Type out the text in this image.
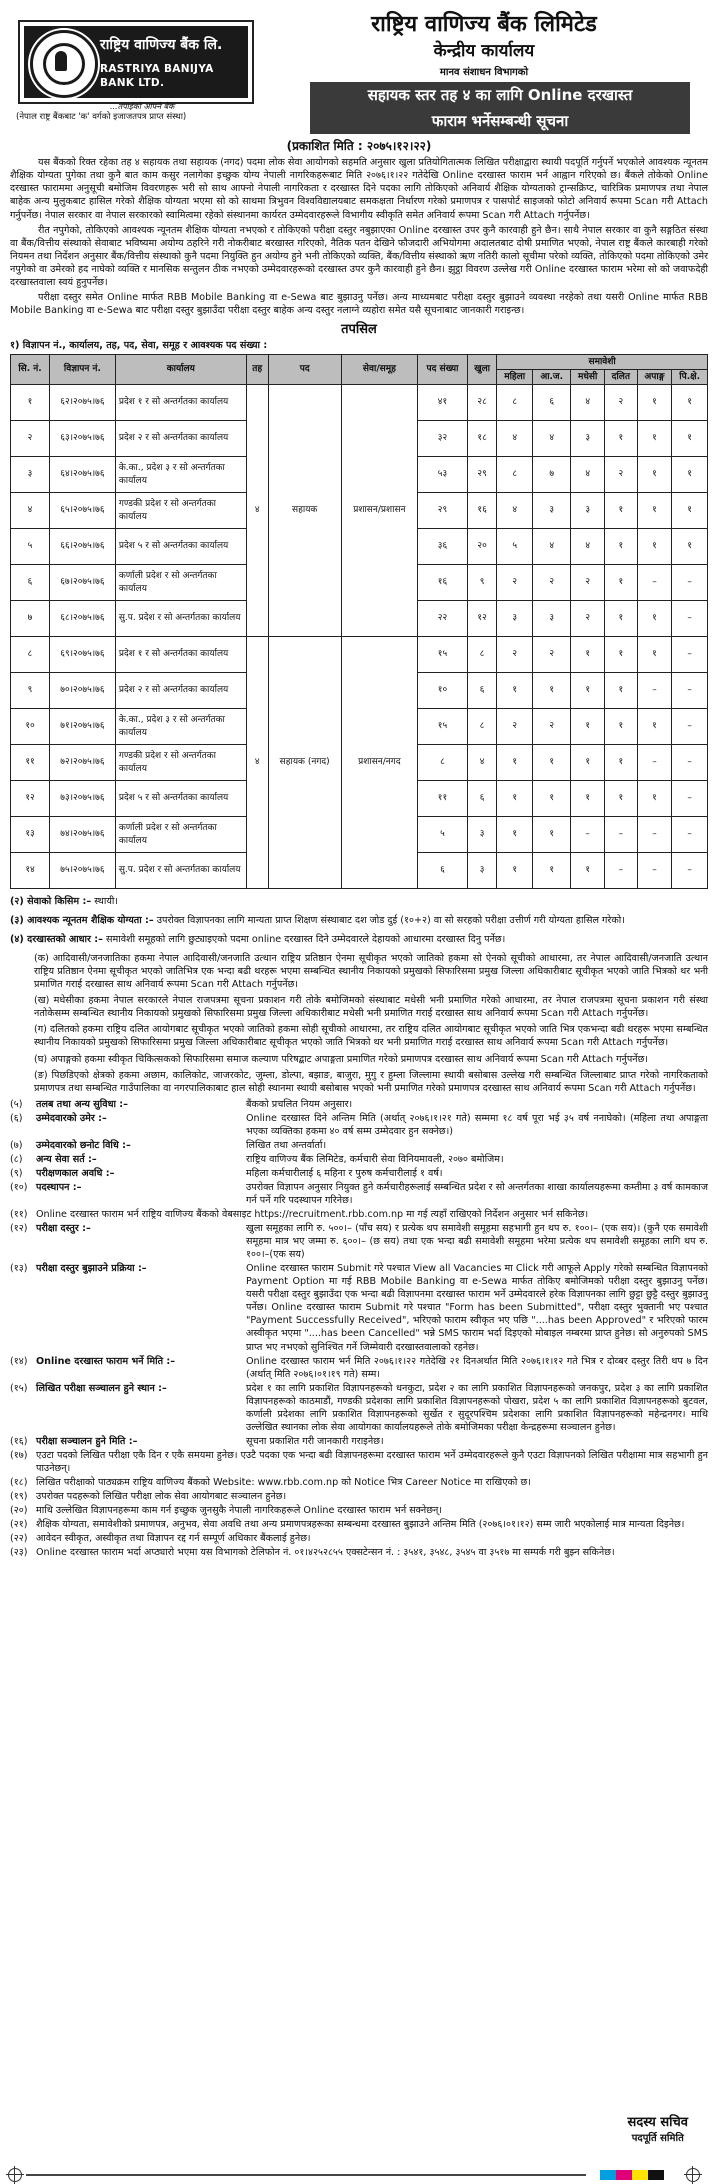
राष्ट्रिय वाणिज्य बैंक लि.
RASTRIYA BANIJYA BANK LTD.
...तपाईंको आफ्नै बैंक
(नेपाल राष्ट्र बैंकबाट 'क' वर्गको इजाजतपत्र प्राप्त संस्था)
राष्ट्रिय वाणिज्य बैंक लिमिटेड
केन्द्रीय कार्यालय
मानव संशाधन विभागको
सहायक स्तर तह ४ का लागि Online दरखास्त
फाराम भर्नेसम्बन्धी सूचना
(प्रकाशित मिति : २०७५।१२।२२)

यस बैंकको रिक्त रहेका तह ४ सहायक तथा सहायक (नगद) पदमा लोक सेवा आयोगको सहमति अनुसार खुला प्रतियोगितात्मक लिखित परीक्षाद्वारा स्थायी पदपूर्ति गर्नुपर्ने भएकोले आवश्यक न्यूनतम शैक्षिक योग्यता पुगेका तथा कुनै बात काम कसुर नलागेका इच्छुक योग्य नेपाली नागरिकहरूबाट मिति २०७६।१।२२ गतेदेखि Online दरखास्त फाराम भर्न आह्वान गरिएको छ। बैंकले तोकेको Online दरखास्त फाराममा अनुसूची बमोजिम विवरणहरू भरी सो साथ आफ्नो नेपाली नागरिकता र दरखास्त दिने पदका लागि तोकिएको अनिवार्य शैक्षिक योग्यताको ट्रान्सक्रिप्ट, चारित्रिक प्रमाणपत्र तथा नेपाल बाहेक अन्य मुलुकबाट हासिल गरेको शैक्षिक योग्यता भएमा सो को साथमा त्रिभुवन विश्वविद्यालयबाट समकक्षता निर्धारण गरेको प्रमाणपत्र र पासपोर्ट साइजको फोटो अनिवार्य रूपमा Scan गरी Attach गर्नुपर्नेछ। नेपाल सरकार वा नेपाल सरकारको स्वामित्वमा रहेको संस्थानमा कार्यरत उम्मेदवारहरूले विभागीय स्वीकृति समेत अनिवार्य रूपमा Scan गरी Attach गर्नुपर्नेछ।

रीत नपुगेको, तोकिएको आवश्यक न्यूनतम शैक्षिक योग्यता नभएको र तोकिएको परीक्षा दस्तुर नबुझाएका Online दरखास्त उपर कुनै कारवाही हुने छैन। साथै नेपाल सरकार वा कुनै सङ्गठित संस्था वा बैंक/वित्तीय संस्थाको सेवाबाट भविष्यमा अयोग्य ठहरिने गरी नोकरीबाट बरखास्त गरिएको, नैतिक पतन देखिने फौजदारी अभियोगमा अदालतबाट दोषी प्रमाणित भएको, नेपाल राष्ट्र बैंकले कारबाही गरेको नियमन तथा निर्देशन अनुसार बैंक/वित्तीय संस्थाको कुनै पदमा नियुक्ति हुन अयोग्य हुने भनी तोकिएको व्यक्ति, बैंक/वित्तीय संस्थाको ऋण नतिरी कालो सूचीमा परेको व्यक्ति, तोकिएको पदमा तोकिएको उमेर नपुगेको वा उमेरको हद नाघेको व्यक्ति र मानसिक सन्तुलन ठीक नभएको उम्मेदवारहरूको दरखास्त उपर कुनै कारवाही हुने छैन। झुट्ठा विवरण उल्लेख गरी Online दरखास्त फाराम भरेमा सो को जवाफदेही दरखास्तवाला स्वयं हुनुपर्नेछ।

परीक्षा दस्तुर समेत Online मार्फत RBB Mobile Banking वा e-Sewa बाट बुझाउनु पर्नेछ। अन्य माध्यमबाट परीक्षा दस्तुर बुझाउने व्यवस्था नरहेको तथा यसरी Online मार्फत RBB Mobile Banking वा e-Sewa बाट परीक्षा दस्तुर बुझाउँदा परीक्षा दस्तुर बाहेक अन्य दस्तुर नलाग्ने व्यहोरा समेत यसै सूचनाबाट जानकारी गराइन्छ।

तपसिल
१) विज्ञापन नं., कार्यालय, तह, पद, सेवा, समूह र आवश्यक पद संख्या :
सि. नं.	विज्ञापन नं.	कार्यालय	तह	पद	सेवा/समूह	पद संख्या	खुला	समावेशी					
								महिला	आ.ज.	मधेसी	दलित	अपाङ्ग	पि.क्षे.
१	६२।२०७५।७६	प्रदेश १ र सो अन्तर्गतका कार्यालय	४	सहायक	प्रशासन/प्रशासन	४१	२८	८	६	४	२	१	१
२	६३।२०७५।७६	प्रदेश २ र सो अन्तर्गतका कार्यालय				३२	१८	४	४	३	१	१	१
३	६४।२०७५।७६	के.का., प्रदेश ३ र सो अन्तर्गतका कार्यालय				५३	२९	८	७	४	२	१	१
४	६५।२०७५।७६	गण्डकी प्रदेश र सो अन्तर्गतका कार्यालय				२९	१६	४	३	३	१	१	१
५	६६।२०७५।७६	प्रदेश ५ र सो अन्तर्गतका कार्यालय				३६	२०	५	४	४	१	१	१
६	६७।२०७५।७६	कर्णाली प्रदेश र सो अन्तर्गतका कार्यालय				१६	९	२	२	२	१	–	–
७	६८।२०७५।७६	सु.प. प्रदेश र सो अन्तर्गतका कार्यालय				२२	१२	३	३	२	१	१	–
८	६९।२०७५।७६	प्रदेश १ र सो अन्तर्गतका कार्यालय	४	सहायक (नगद)	प्रशासन/नगद	१५	८	२	२	१	१	१	–
९	७०।२०७५।७६	प्रदेश २ र सो अन्तर्गतका कार्यालय				१०	६	१	१	१	१	–	–
१०	७१।२०७५।७६	के.का., प्रदेश ३ र सो अन्तर्गतका कार्यालय				१५	८	२	२	१	१	१	–
११	७२।२०७५।७६	गण्डकी प्रदेश र सो अन्तर्गतका कार्यालय				८	४	१	१	१	१	–	–
१२	७३।२०७५।७६	प्रदेश ५ र सो अन्तर्गतका कार्यालय				११	६	१	१	१	१	१	–
१३	७४।२०७५।७६	कर्णाली प्रदेश र सो अन्तर्गतका कार्यालय				५	३	१	१	–	–	–	–
१४	७५।२०७५।७६	सु.प. प्रदेश र सो अन्तर्गतका कार्यालय				६	३	१	१	१	–	–	–
(२) सेवाको किसिम :– स्थायी।
(३) आवश्यक न्यूनतम शैक्षिक योग्यता :– उपरोक्त विज्ञापनका लागि मान्यता प्राप्त शिक्षण संस्थाबाट दश जोड दुई (१०+२) वा सो सरहको परीक्षा उत्तीर्ण गरी योग्यता हासिल गरेको।
(४) दरखास्तको आधार :– समावेशी समूहको लागि छुट्याइएको पदमा online दरखास्त दिने उम्मेदवारले देहायको आधारमा दरखास्त दिनु पर्नेछ।
(क) आदिवासी/जनजातिका हकमा नेपाल आदिवासी/जनजाति उत्थान राष्ट्रिय प्रतिष्ठान ऐनमा सूचीकृत भएको जातिको हकमा सो ऐनको सूचीको आधारमा, तर नेपाल आदिवासी/जनजाति उत्थान राष्ट्रिय प्रतिष्ठान ऐनमा सूचीकृत भएको जातिभित्र एक भन्दा बढी थरहरू भएमा सम्बन्धित स्थानीय निकायको प्रमुखको सिफारिसमा प्रमुख जिल्ला अधिकारीबाट सूचीकृत भएको जाति भित्रको थर भनी प्रमाणित गराई दरखास्त साथ अनिवार्य रूपमा Scan गरी Attach गर्नुपर्नेछ।
(ख) मधेसीका हकमा नेपाल सरकारले नेपाल राजपत्रमा सूचना प्रकाशन गरी तोके बमोजिमको संस्थाबाट मधेसी भनी प्रमाणित गरेको आधारमा, तर नेपाल राजपत्रमा सूचना प्रकाशन गरी संस्था नतोकेसम्म सम्बन्धित स्थानीय निकायको प्रमुखको सिफारिसमा प्रमुख जिल्ला अधिकारीबाट मधेसी भनी प्रमाणित गराई दरखास्त साथ अनिवार्य रूपमा Scan गरी Attach गर्नुपर्नेछ।
(ग) दलितको हकमा राष्ट्रिय दलित आयोगबाट सूचीकृत भएको जातिको हकमा सोही सूचीको आधारमा, तर राष्ट्रिय दलित आयोगबाट सूचीकृत भएको जाति भित्र एकभन्दा बढी थरहरू भएमा सम्बन्धित स्थानीय निकायको प्रमुखको सिफारिसमा प्रमुख जिल्ला अधिकारीबाट सूचीकृत भएको जाति भित्रको थर भनी प्रमाणित गराई दरखास्त साथ अनिवार्य रूपमा Scan गरी Attach गर्नुपर्नेछ।
(घ) अपाङ्गको हकमा स्वीकृत चिकित्सकको सिफारिसमा समाज कल्याण परिषद्बाट अपाङ्गता प्रमाणित गरेको प्रमाणपत्र दरखास्त साथ अनिवार्य रूपमा Scan गरी Attach गर्नुपर्नेछ।
(ङ) पिछडिएको क्षेत्रको हकमा अछाम, कालिकोट, जाजरकोट, जुम्ला, डोल्पा, बझाङ, बाजुरा, मुगु र हुम्ला जिल्लामा स्थायी बसोबास उल्लेख गरी सम्बन्धित जिल्लाबाट प्राप्त गरेको नागरिकताको प्रमाणपत्र तथा सम्बन्धित गाउँपालिका वा नगरपालिकाबाट हाल सोही स्थानमा स्थायी बसोबास भएको भनी प्रमाणित गरेको प्रमाणपत्र दरखास्त साथ अनिवार्य रूपमा Scan गरी Attach गर्नुपर्नेछ।
(५)	तलब तथा अन्य सुविधा :–	बैंकको प्रचलित नियम अनुसार।
(६)	उम्मेदवारको उमेर :–	Online दरखास्त दिने अन्तिम मिति (अर्थात् २०७६।१।२१ गते) सम्ममा १८ वर्ष पूरा भई ३५ वर्ष ननाघेको। (महिला तथा अपाङ्गता भएका व्यक्तिका हकमा ४० वर्ष सम्म उम्मेदवार हुन सक्नेछ।)
(७)	उम्मेदवारको छनोट विधि :–	लिखित तथा अन्तर्वार्ता।
(८)	अन्य सेवा सर्त :–	राष्ट्रिय वाणिज्य बैंक लिमिटेड, कर्मचारी सेवा विनियमावली, २०७० बमोजिम।
(९)	परीक्षणकाल अवधि :–	महिला कर्मचारीलाई ६ महिना र पुरुष कर्मचारीलाई १ वर्ष।
(१०) पदस्थापन :–	उपरोक्त विज्ञापन अनुसार नियुक्त हुने कर्मचारीहरूलाई सम्बन्धित प्रदेश र सो अन्तर्गतका शाखा कार्यालयहरूमा कम्तीमा ३ वर्ष कामकाज गर्न पर्ने गरि पदस्थापन गरिनेछ।
(११) Online दरखास्त फाराम भर्न राष्ट्रिय वाणिज्य बैंकको वेबसाइट https://recruitment.rbb.com.np मा गई त्यहाँ राखिएको निर्देशन अनुसार भर्न सकिनेछ।
(१२) परीक्षा दस्तुर :–	खुला समूहका लागि रु. ५००।– (पाँच सय) र प्रत्येक थप समावेशी समूहमा सहभागी हुन थप रु. १००।– (एक सय)। (कुनै एक समावेशी समूहमा मात्र भए जम्मा रु. ६००।– (छ सय) तथा एक भन्दा बढी समावेशी समूहमा भरेमा प्रत्येक थप समावेशी समूहका लागि थप रु. १००।–(एक सय)
(१३) परीक्षा दस्तुर बुझाउने प्रक्रिया :–	Online दरखास्त फाराम Submit गरे पश्चात View all Vacancies मा Click गरी आफूले Apply गरेको सम्बन्धित विज्ञापनको Payment Option मा गई RBB Mobile Banking वा e-Sewa मार्फत तोकिए बमोजिमको परीक्षा दस्तुर बुझाउनु पर्नेछ। यसरी परीक्षा दस्तुर बुझाउँदा एक भन्दा बढी विज्ञापनमा दरखास्त फाराम भर्ने उम्मेदवारले हरेक विज्ञापनका लागि छुट्टा छुट्टै दस्तुर बुझाउनु पर्नेछ। Online दरखास्त फाराम Submit गरे पश्चात "Form has been Submitted", परीक्षा दस्तुर भुक्तानी भए पश्चात "Payment Successfully Received", भरिएको फाराम स्वीकृत भए पछि "....has been Approved" र भरिएको फारम अस्वीकृत भएमा "....has been Cancelled" भन्ने SMS फाराम भर्दा दिइएको मोबाइल नम्बरमा प्राप्त हुनेछ। सो अनुरुपको SMS प्राप्त भए नभएको सुनिश्चित गर्ने जिम्मेवारी दरखास्तवालाको रहनेछ।
(१४) Online दरखास्त फाराम भर्ने मिति :–	Online दरखास्त फाराम भर्न मिति २०७६।१।२२ गतेदेखि २१ दिनअर्थात मिति २०७६।१।१२ गते भित्र र दोव्बर दस्तुर तिरी थप ७ दिन (अर्थात् मिति २०७६।०१।१९ गते) सम्म।
(१५) लिखित परीक्षा सञ्चालन हुने स्थान :–	प्रदेश १ का लागि प्रकाशित विज्ञापनहरूको धनकुटा, प्रदेश २ का लागि प्रकाशित विज्ञापनहरूको जनकपुर, प्रदेश ३ का लागि प्रकाशित विज्ञापनहरूको काठमाडौं, गण्डकी प्रदेशका लागि प्रकाशित विज्ञापनहरूको पोखरा, प्रदेश ५ का लागि प्रकाशित विज्ञापनहरूको बुटवल, कर्णाली प्रदेशका लागि प्रकाशित विज्ञापनहरूको सुर्खेत र सुदूरपश्चिम प्रदेशका लागि प्रकाशित विज्ञापनहरूको महेन्द्रनगर। माथि उल्लेखित स्थानका लोक सेवा आयोगका कार्यालयहरूले तोके बमोजिमका परीक्षा केन्द्रहरूमा सञ्चालन हुनेछ।
(१६) परीक्षा सञ्चालन हुने मिति :–	सूचना प्रकाशित गरी जानकारी गराइनेछ।
(१७) एउटा पदको लिखित परीक्षा एकै दिन र एकै समयमा हुनेछ। एउटै पदका एक भन्दा बढी विज्ञापनहरूमा दरखास्त फाराम भर्ने उम्मेदवारहरूले कुनै एउटा विज्ञापनको लिखित परीक्षामा मात्र सहभागी हुन पाउनेछन्।
(१८) लिखित परीक्षाको पाठ्यक्रम राष्ट्रिय वाणिज्य बैंकको Website: www.rbb.com.np को Notice भित्र Career Notice मा राखिएको छ।
(१९) उपरोक्त पदहरूको लिखित परीक्षा लोक सेवा आयोगबाट सञ्चालन हुनेछ।
(२०) माथि उल्लेखित विज्ञापनहरूमा काम गर्न इच्छुक जुनसुकै नेपाली नागरिकहरूले Online दरखास्त फाराम भर्न सक्नेछन्।
(२१) शैक्षिक योग्यता, समावेशीको प्रमाणपत्र, अनुभव, सेवा अवधि तथा अन्य प्रमाणपत्रहरूका सम्बन्धमा दरखास्त बुझाउने अन्तिम मिति (२०७६।०१।१२) सम्म जारी भएकोलाई मात्र मान्यता दिइनेछ।
(२२) आवेदन स्वीकृत, अस्वीकृत तथा विज्ञापन रद्द गर्न सम्पूर्ण अधिकार बैंकलाई हुनेछ।
(२३) Online दरखास्त फाराम भर्दा अप्ठ्यारो भएमा यस विभागको टेलिफोन नं. ०१।४२५२८५५ एक्सटेन्सन नं. : ३५४१, ३५४८, ३५४५ वा ३५१७ मा सम्पर्क गरी बुझ्न सकिनेछ।
सदस्य सचिव
पदपूर्ति समिति
